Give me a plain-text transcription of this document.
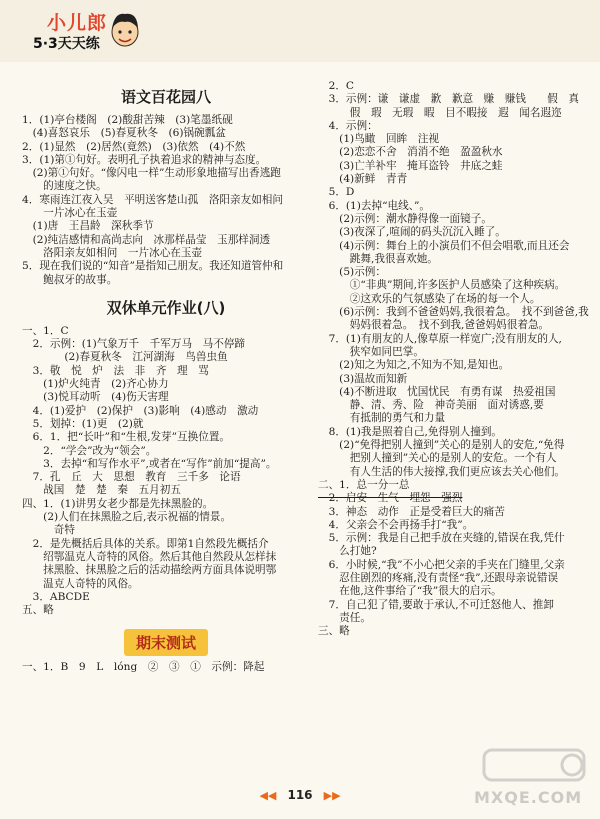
小儿郎
5·3天天练
语文百花园八
1．(1)亭台楼阁　(2)酸甜苦辣　(3)笔墨纸砚
　(4)喜怒哀乐　(5)春夏秋冬　(6)锅碗瓢盆
2．(1)显然　(2)居然(竟然)　(3)依然　(4)不然
3．(1)第①句好。表明孔子执着追求的精神与态度。
　(2)第①句好。“像闪电一样”生动形象地描写出香逃跑
　　的速度之快。
4．寒雨连江夜入吴　平明送客楚山孤　洛阳亲友如相问
　　一片冰心在玉壶
　(1)唐　王昌龄　深秋季节
　(2)纯洁感情和高尚志向　冰那样晶莹　玉那样洞透
　　洛阳亲友如相问　一片冰心在玉壶
5．现在我们说的“知音”是指知己朋友。我还知道管仲和
　　鲍叔牙的故事。
双休单元作业(八)
一、1．C
　2．示例：(1)气象万千　千军万马　马不停蹄
　　　　(2)春夏秋冬　江河湖海　鸟兽虫鱼
　3．敬　悦　炉　法　非　齐　理　骂
　　(1)炉火纯青　(2)齐心协力
　　(3)悦耳动听　(4)伤天害理
　4．(1)爱护　(2)保护　(3)影响　(4)感动　激动
　5．划掉：(1)更　(2)就
　6．1．把“长叶”和“生根,发芽”互换位置。
　　2．“学会”改为“领会”。
　　3．去掉“和写作水平”,或者在“写作”前加“提高”。
　7．孔　丘　大　思想　教育　三千多　论语
　　战国　楚　楚　秦　五月初五
四、1．(1)讲男女老少都是先抹黑脸的。
　　(2)人们在抹黑脸之后,表示祝福的情景。
　　　奇特
　2．是先概括后具体的关系。即第1自然段先概括介
　　绍鄂温克人奇特的风俗。然后其他自然段从怎样抹
　　抹黑脸、抹黑脸之后的活动描绘两方面具体说明鄂
　　温克人奇特的风俗。
　3．ABCDE
五、略
期末测试
一、1．B　9　L　lóng　②　③　①　示例：降起
　2．C
　3．示例：谦　谦虚　歉　歉意　赚　赚钱　　假　真
　　　假　瑕　无瑕　暇　目不暇接　遐　闻名遐迩
　4．示例：
　　(1)鸟瞰　回眸　注视
　　(2)恋恋不舍　消消不绝　盈盈秋水
　　(3)亡羊补牢　掩耳盗铃　井底之蛙
　　(4)新鲜　青青
　5．D
　6．(1)去掉“电线、”。
　　(2)示例：潮水静得像一面镜子。
　　(3)夜深了,喧闹的码头沉沉入睡了。
　　(4)示例：舞台上的小演员们不但会唱歌,而且还会
　　　跳舞,我很喜欢她。
　　(5)示例：
　　　①“非典”期间,许多医护人员感染了这种疾病。
　　　②这欢乐的气氛感染了在场的每一个人。
　　(6)示例：我到不爸爸妈妈,我很着急。　找不到爸爸,我
　　　妈妈很着急。　找不到我,爸爸妈妈很着急。
　7．(1)有朋友的人,像草原一样宽广;没有朋友的人,
　　　狭窄如同巴掌。
　　(2)知之为知之,不知为不知,是知也。
　　(3)温故而知新
　　(4)不断进取　忧国忧民　有勇有谋　热爱祖国
　　　静、清、秀、险　神奇美丽　面对诱惑,要
　　　有抵制的勇气和力量
　8．(1)我是照着自己,免得别人撞到。
　　(2)“免得把别人撞到”关心的是别人的安危,“免得
　　　把别人撞到”关心的是别人的安危。一个有人
　　　有人生活的伟大接撑,我们更应该去关心他们。
二、1．总一分一总
　2．启安　生气　埋怨　强烈
　3．神态　动作　正是受着巨大的痛苦
　4．父亲会不会再扬手打“我”。
　5．示例：我是自己把手放在夹缝的,错误在我,凭什
　　么打她?
　6．小时候,“我”不小心把父亲的手夹在门缝里,父亲
　　忍住剧烈的疼痛,没有责怪“我”,还跟母亲说错误
　　在他,这件事给了“我”很大的启示。
　7．自己犯了错,要敢于承认,不可迁怒他人、推卸
　　责任。
三、略
◀◀ 116 ▶▶	MXQE.COM
